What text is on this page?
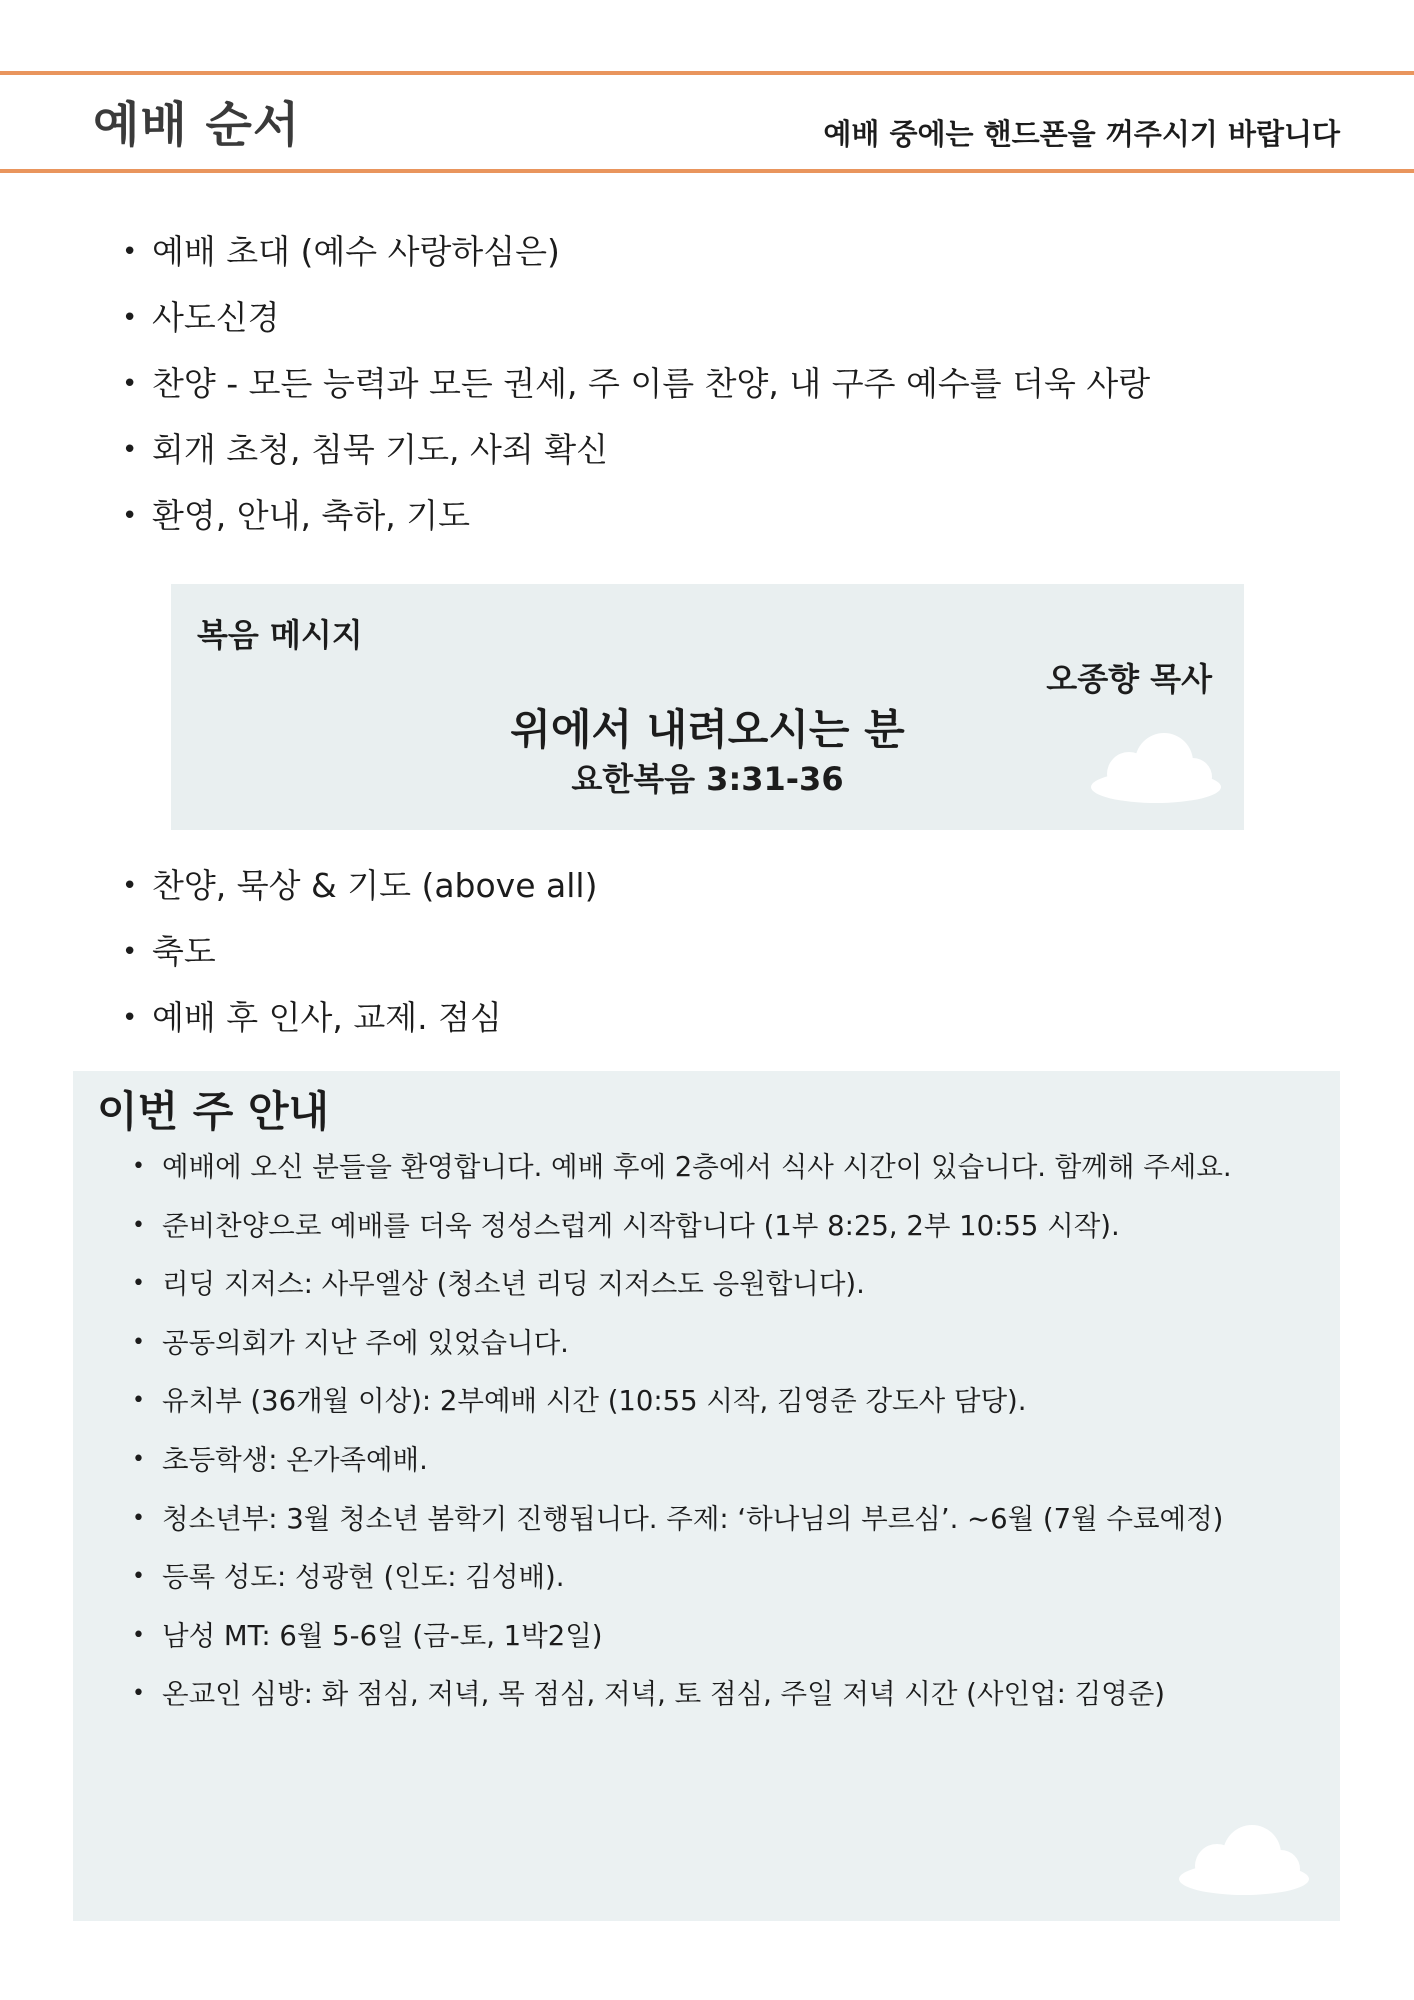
예배 순서	예배 중에는 핸드폰을 꺼주시기 바랍니다
• 예배 초대 (예수 사랑하심은)
• 사도신경
• 찬양 - 모든 능력과 모든 권세, 주 이름 찬양, 내 구주 예수를 더욱 사랑
• 회개 초청, 침묵 기도, 사죄 확신
• 환영, 안내, 축하, 기도
복음 메시지
오종향 목사
위에서 내려오시는 분
요한복음 3:31-36
• 찬양, 묵상 & 기도 (above all)
• 축도
• 예배 후 인사, 교제. 점심
이번 주 안내
• 예배에 오신 분들을 환영합니다. 예배 후에 2층에서 식사 시간이 있습니다. 함께해 주세요.
• 준비찬양으로 예배를 더욱 정성스럽게 시작합니다 (1부 8:25, 2부 10:55 시작).
• 리딩 지저스: 사무엘상 (청소년 리딩 지저스도 응원합니다).
• 공동의회가 지난 주에 있었습니다.
• 유치부 (36개월 이상): 2부예배 시간 (10:55 시작, 김영준 강도사 담당).
• 초등학생: 온가족예배.
• 청소년부: 3월 청소년 봄학기 진행됩니다. 주제: ‘하나님의 부르심’. ~6월 (7월 수료예정)
• 등록 성도: 성광현 (인도: 김성배).
• 남성 MT: 6월 5-6일 (금-토, 1박2일)
• 온교인 심방: 화 점심, 저녁, 목 점심, 저녁, 토 점심, 주일 저녁 시간 (사인업: 김영준)
